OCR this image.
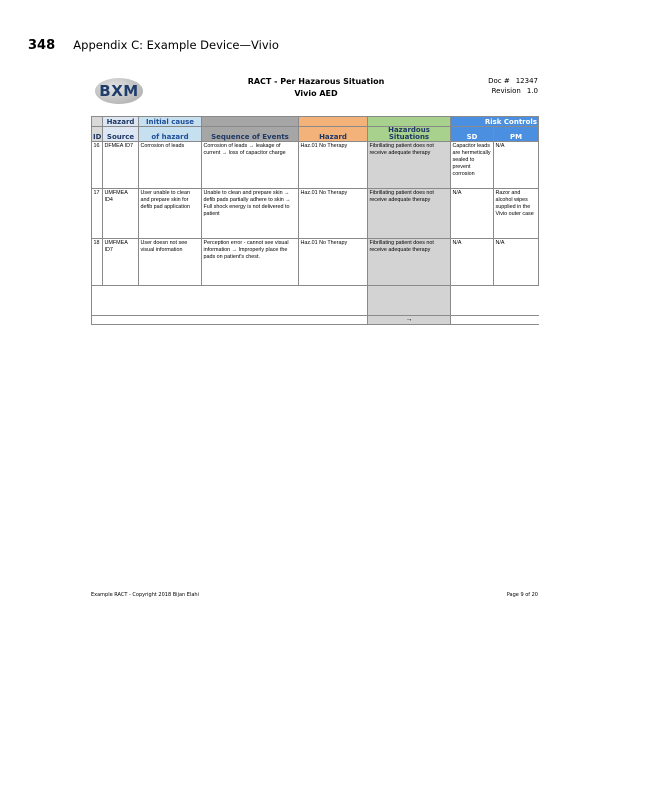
348 Appendix C: Example Device—Vivio
BXM
RACT - Per Hazarous Situation
Vivio AED
Doc # 12347
Revision 1.0
	Hazard	Initial cause				Risk Controls	
ID	Source	of hazard	Sequence of Events	Hazard	Hazardous Situations	SD	PM
16	DFMEA ID7	Corrosion of leads	Corrosion of leads → leakage of current → loss of capacitor charge	Haz.01 No Therapy	Fibrillating patient does not receive adequate therapy	Capacitor leads are hermetically sealed to prevent corrosion	N/A
17	UMFMEA ID4	User unable to clean and prepare skin for defib pad application	Unable to clean and prepare skin → defib pads partially adhere to skin → Full shock energy is not delivered to patient	Haz.01 No Therapy	Fibrillating patient does not receive adequate therapy	N/A	Razor and alcohol wipes supplied in the Vivio outer case
18	UMFMEA ID7	User doesn not see visual information	Perception error - cannot see visual information → Improperly place the pads on patient's chest.	Haz.01 No Therapy	Fibrillating patient does not receive adequate therapy	N/A	N/A

					→		
Example RACT - Copyright 2018 Bijan Elahi	Page 9 of 20
